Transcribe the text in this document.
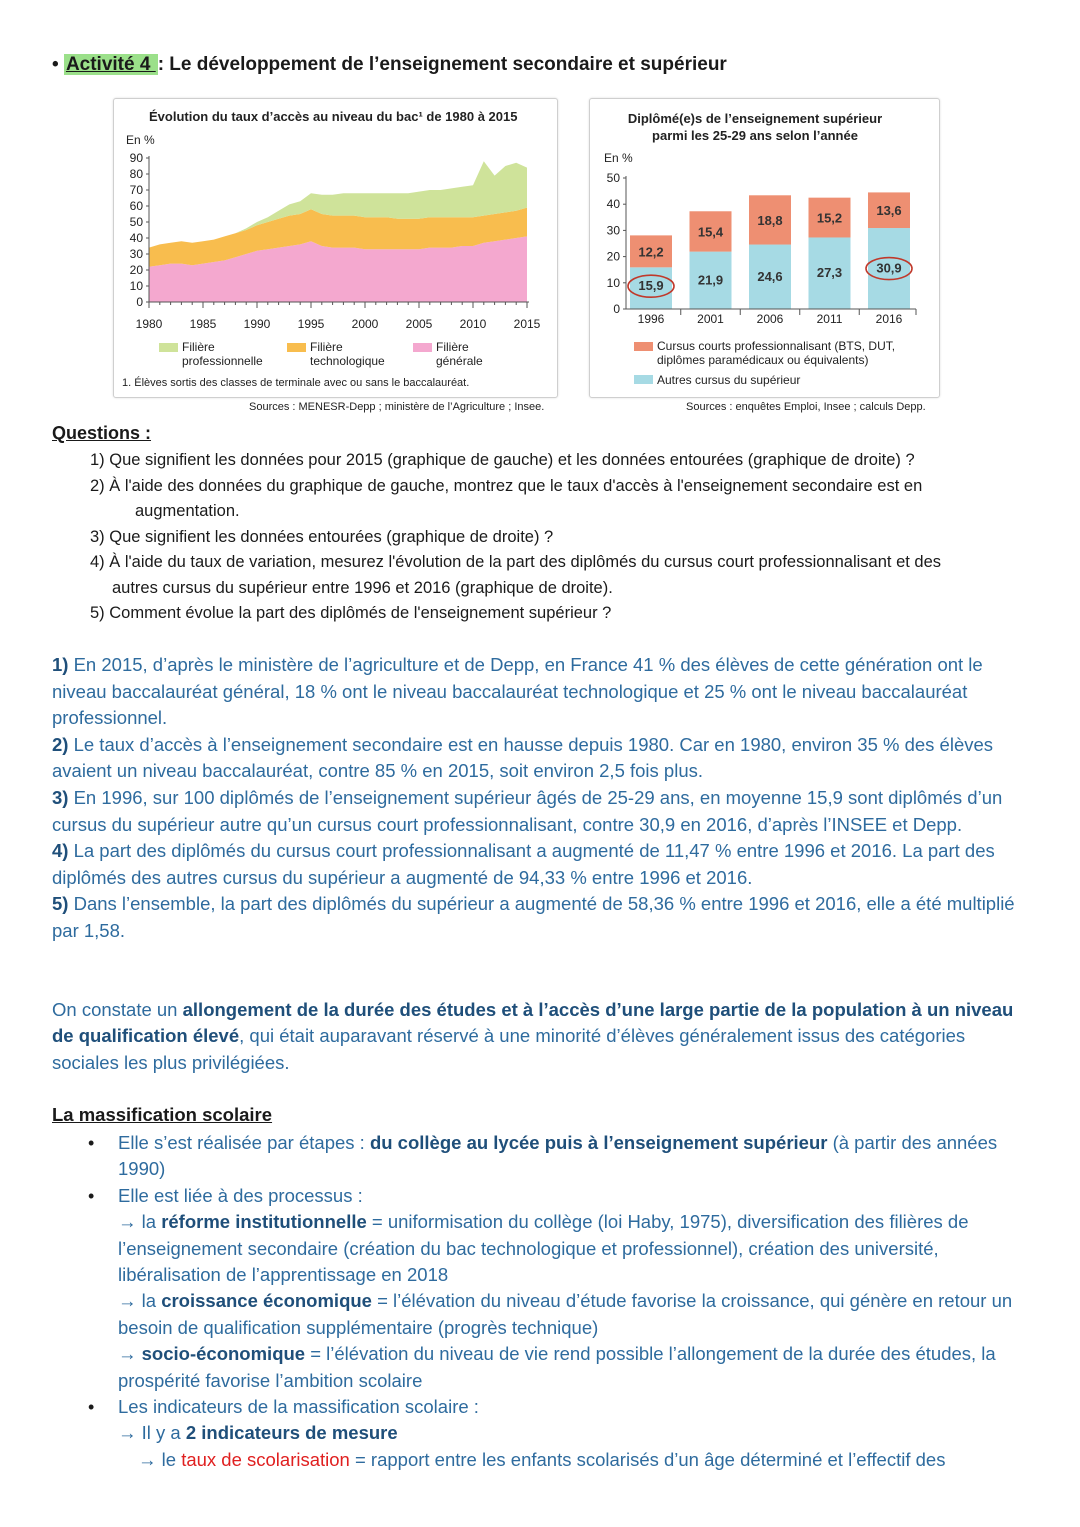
• Activité 4 : Le développement de l’enseignement secondaire et supérieur
Évolution du taux d’accès au niveau du bac¹ de 1980 à 2015
En %
0
10
20
30
40
50
60
70
80
90
1980 1985 1990 1995 2000 2005 2010 2015
Filière
professionnelle
Filière
technologique
Filière
générale
1. Élèves sortis des classes de terminale avec ou sans le baccalauréat.
Sources : MENESR-Depp ; ministère de l’Agriculture ; Insee.
Diplômé(e)s de l’enseignement supérieur
parmi les 25-29 ans selon l’année
En %
15,9
12,2
1996
21,9
15,4
2001
24,6
18,8
2006
27,3
15,2
2011
30,9
13,6
2016
0
10
20
30
40
50
Cursus courts professionnalisant (BTS, DUT,
diplômes paramédicaux ou équivalents)
Autres cursus du supérieur
Sources : enquêtes Emploi, Insee ; calculs Depp.
Questions :

1) Que signifient les données pour 2015 (graphique de gauche) et les données entourées (graphique de droite) ?

2) À l'aide des données du graphique de gauche, montrez que le taux d'accès à l'enseignement secondaire est en

augmentation.

3) Que signifient les données entourées (graphique de droite) ?

4) À l'aide du taux de variation, mesurez l'évolution de la part des diplômés du cursus court professionnalisant et des

autres cursus du supérieur entre 1996 et 2016 (graphique de droite).

5) Comment évolue la part des diplômés de l'enseignement supérieur ?

1) En 2015, d’après le ministère de l’agriculture et de Depp, en France 41 % des élèves de cette génération ont le niveau baccalauréat général, 18 % ont le niveau baccalauréat technologique et 25 % ont le niveau baccalauréat professionnel.

2) Le taux d’accès à l’enseignement secondaire est en hausse depuis 1980. Car en 1980, environ 35 % des élèves avaient un niveau baccalauréat, contre 85 % en 2015, soit environ 2,5 fois plus.

3) En 1996, sur 100 diplômés de l’enseignement supérieur âgés de 25-29 ans, en moyenne 15,9 sont diplômés d’un cursus du supérieur autre qu’un cursus court professionnalisant, contre 30,9 en 2016, d’après l’INSEE et Depp.

4) La part des diplômés du cursus court professionnalisant a augmenté de 11,47 % entre 1996 et 2016. La part des diplômés des autres cursus du supérieur a augmenté de 94,33 % entre 1996 et 2016.

5) Dans l’ensemble, la part des diplômés du supérieur a augmenté de 58,36 % entre 1996 et 2016, elle a été multiplié par 1,58.

On constate un allongement de la durée des études et à l’accès d’une large partie de la population à un niveau de qualification élevé, qui était auparavant réservé à une minorité d’élèves généralement issus des catégories sociales les plus privilégiées.
La massification scolaire
• Elle s’est réalisée par étapes : du collège au lycée puis à l’enseignement supérieur (à partir des années 1990)
• Elle est liée à des processus :
→ la réforme institutionnelle = uniformisation du collège (loi Haby, 1975), diversification des filières de l’enseignement secondaire (création du bac technologique et professionnel), création des université, libéralisation de l’apprentissage en 2018
→ la croissance économique = l’élévation du niveau d’étude favorise la croissance, qui génère en retour un besoin de qualification supplémentaire (progrès technique)
→ socio-économique = l’élévation du niveau de vie rend possible l’allongement de la durée des études, la prospérité favorise l’ambition scolaire
• Les indicateurs de la massification scolaire :
→ Il y a 2 indicateurs de mesure
→ le taux de scolarisation = rapport entre les enfants scolarisés d’un âge déterminé et l’effectif des
